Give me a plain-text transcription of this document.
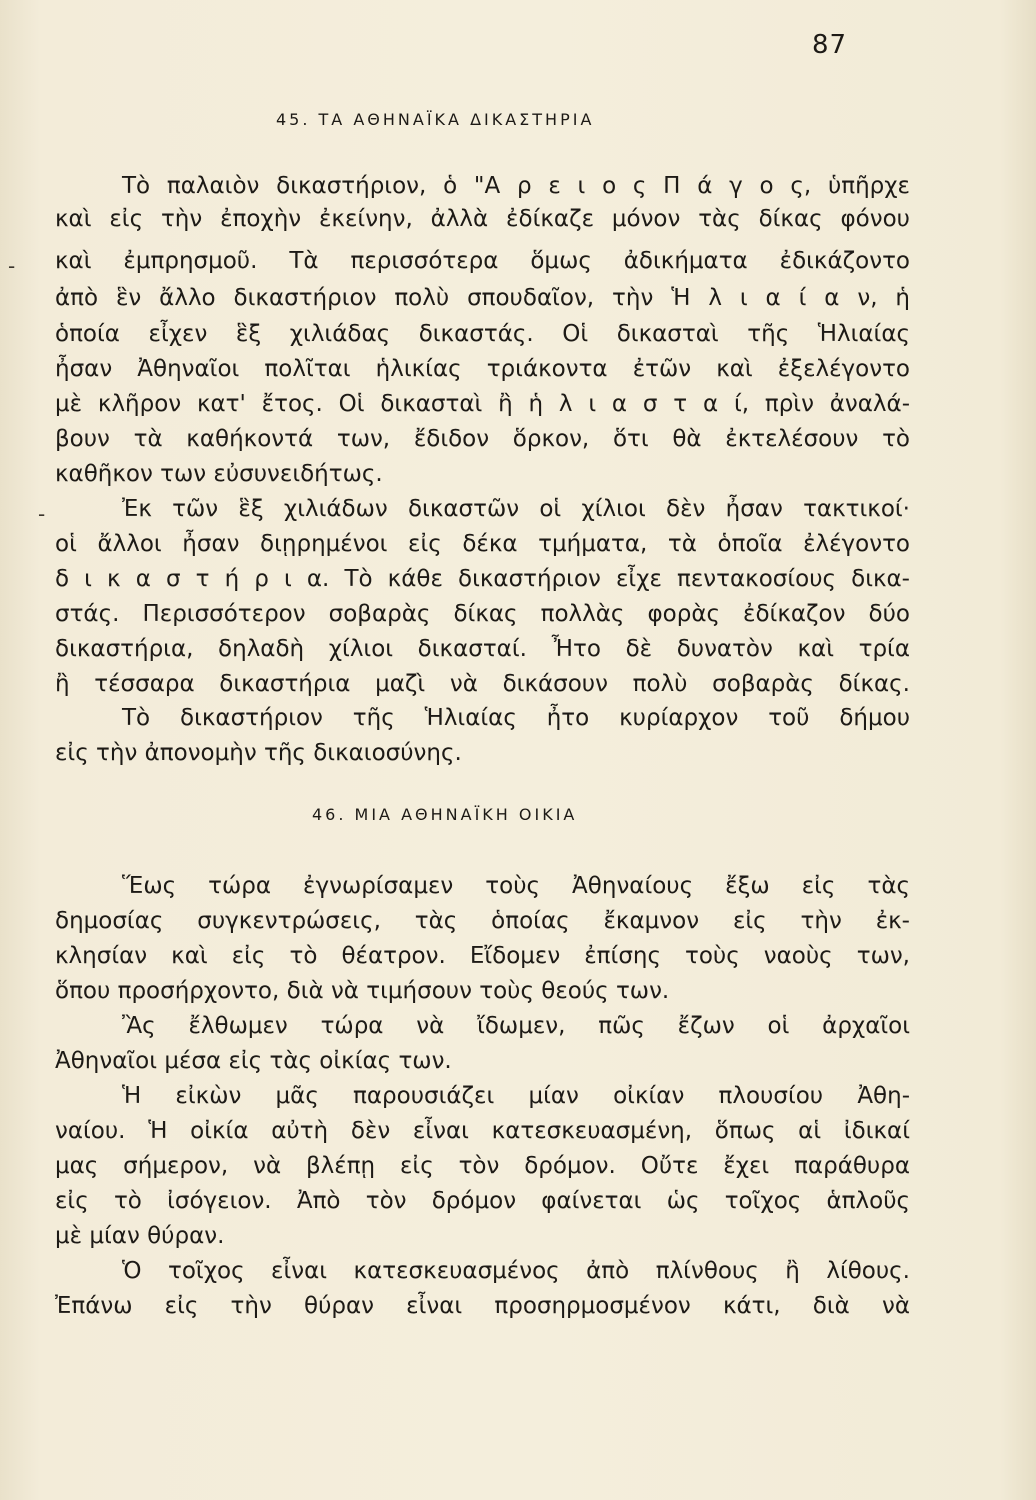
87
45. ΤΑ ΑΘΗΝΑΪΚΑ ΔΙΚΑΣΤΗΡΙΑ
Τὸ παλαιὸν δικαστήριον, ὁ "Α ρ ε ι ο ς Π ά γ ο ς, ὑπῆρχε
καὶ εἰς τὴν ἐποχὴν ἐκείνην, ἀλλὰ ἐδίκαζε μόνον τὰς δίκας φόνου
καὶ ἐμπρησμοῦ. Τὰ περισσότερα ὅμως ἀδικήματα ἐδικάζοντο
ἀπὸ ἓν ἄλλο δικαστήριον πολὺ σπουδαῖον, τὴν Ἡ λ ι α ί α ν, ἡ
ὁποία εἶχεν ἓξ χιλιάδας δικαστάς. Οἱ δικασταὶ τῆς Ἡλιαίας
ἦσαν Ἀθηναῖοι πολῖται ἡλικίας τριάκοντα ἐτῶν καὶ ἐξελέγοντο
μὲ κλῆρον κατ' ἔτος. Οἱ δικασταὶ ἢ ἡ λ ι α σ τ α ί, πρὶν ἀναλά-
βουν τὰ καθήκοντά των, ἔδιδον ὅρκον, ὅτι θὰ ἐκτελέσουν τὸ
καθῆκον των εὐσυνειδήτως.
Ἐκ τῶν ἓξ χιλιάδων δικαστῶν οἱ χίλιοι δὲν ἦσαν τακτικοί·
οἱ ἄλλοι ἦσαν διῃρημένοι εἰς δέκα τμήματα, τὰ ὁποῖα ἐλέγοντο
δ ι κ α σ τ ή ρ ι α. Τὸ κάθε δικαστήριον εἶχε πεντακοσίους δικα-
στάς. Περισσότερον σοβαρὰς δίκας πολλὰς φορὰς ἐδίκαζον δύο
δικαστήρια, δηλαδὴ χίλιοι δικασταί. Ἦτο δὲ δυνατὸν καὶ τρία
ἢ τέσσαρα δικαστήρια μαζὶ νὰ δικάσουν πολὺ σοβαρὰς δίκας.
Τὸ δικαστήριον τῆς Ἡλιαίας ἦτο κυρίαρχον τοῦ δήμου
εἰς τὴν ἀπονομὴν τῆς δικαιοσύνης.
46. ΜΙΑ ΑΘΗΝΑΪΚΗ ΟΙΚΙΑ
Ἕως τώρα ἐγνωρίσαμεν τοὺς Ἀθηναίους ἔξω εἰς τὰς
δημοσίας συγκεντρώσεις, τὰς ὁποίας ἔκαμνον εἰς τὴν ἐκ-
κλησίαν καὶ εἰς τὸ θέατρον. Εἴδομεν ἐπίσης τοὺς ναοὺς των,
ὅπου προσήρχοντο, διὰ νὰ τιμήσουν τοὺς θεούς των.
Ἂς ἔλθωμεν τώρα νὰ ἴδωμεν, πῶς ἔζων οἱ ἀρχαῖοι
Ἀθηναῖοι μέσα εἰς τὰς οἰκίας των.
Ἡ εἰκὼν μᾶς παρουσιάζει μίαν οἰκίαν πλουσίου Ἀθη-
ναίου. Ἡ οἰκία αὐτὴ δὲν εἶναι κατεσκευασμένη, ὅπως αἱ ἰδικαί
μας σήμερον, νὰ βλέπῃ εἰς τὸν δρόμον. Οὔτε ἔχει παράθυρα
εἰς τὸ ἰσόγειον. Ἀπὸ τὸν δρόμον φαίνεται ὡς τοῖχος ἁπλοῦς
μὲ μίαν θύραν.
Ὁ τοῖχος εἶναι κατεσκευασμένος ἀπὸ πλίνθους ἢ λίθους.
Ἐπάνω εἰς τὴν θύραν εἶναι προσηρμοσμένον κάτι, διὰ νὰ
-
-
